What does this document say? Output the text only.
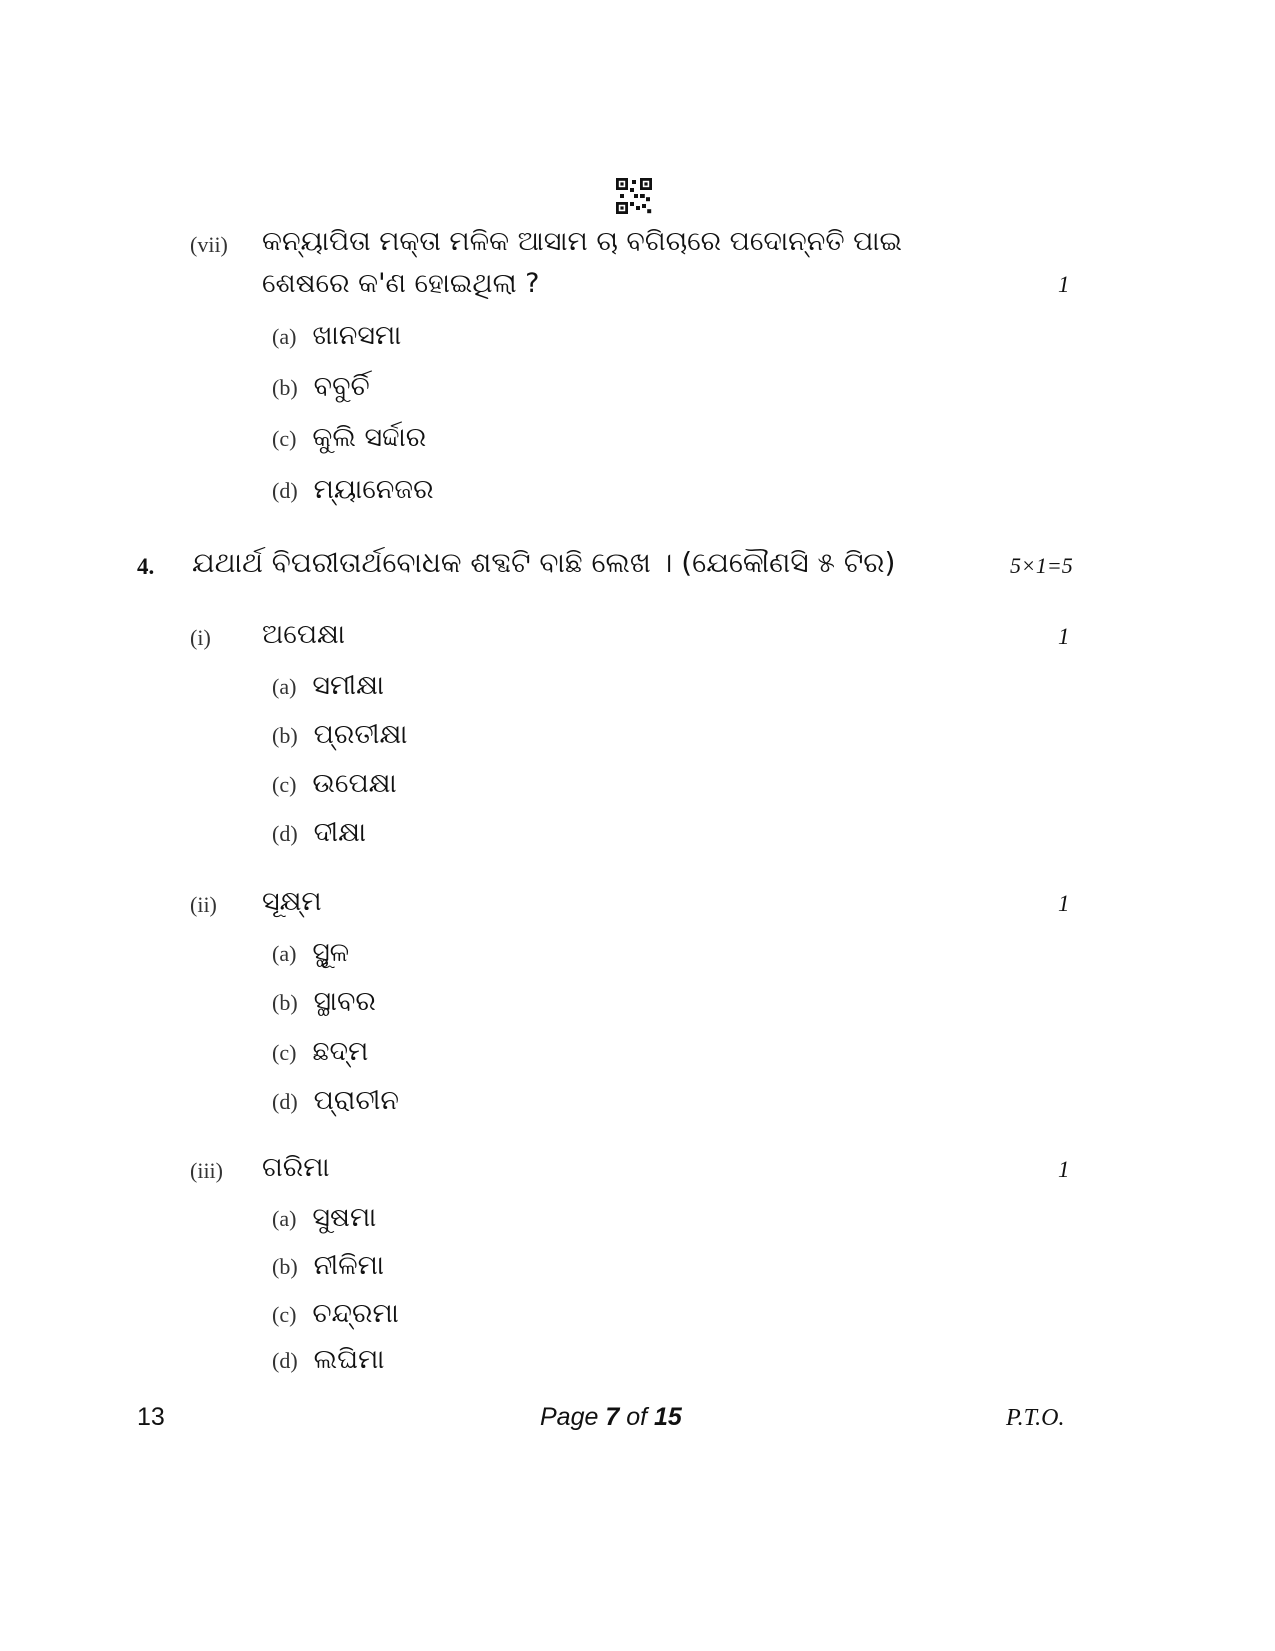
(vii) କନ୍ୟାପିତା ମକ୍ତା ମଳିକ ଆସାମ ଚା ବଗିଚାରେ ପଦୋନ୍ନତି ପାଇ
ଶେଷରେ କ'ଣ ହୋଇଥିଲା ?	1
(a) ଖାନସମା
(b) ବବୁର୍ଚି
(c) କୁଲି ସର୍ଦ୍ଦାର
(d) ମ୍ୟାନେଜର
4. ଯଥାର୍ଥ ବିପରୀତାର୍ଥବୋଧକ ଶବ୍ଦଟି ବାଛି ଲେଖ । (ଯେକୌଣସି ୫ ଟିର)	5×1=5
(i) ଅପେକ୍ଷା	1
(a) ସମୀକ୍ଷା
(b) ପ୍ରତୀକ୍ଷା
(c) ଉପେକ୍ଷା
(d) ଦୀକ୍ଷା
(ii) ସୂକ୍ଷ୍ମ	1
(a) ସ୍ଥୂଳ
(b) ସ୍ଥାବର
(c) ଛଦ୍ମ
(d) ପ୍ରାଚୀନ
(iii) ଗରିମା	1
(a) ସୁଷମା
(b) ନୀଳିମା
(c) ଚନ୍ଦ୍ରମା
(d) ଲଘିମା
13	Page 7 of 15	P.T.O.
